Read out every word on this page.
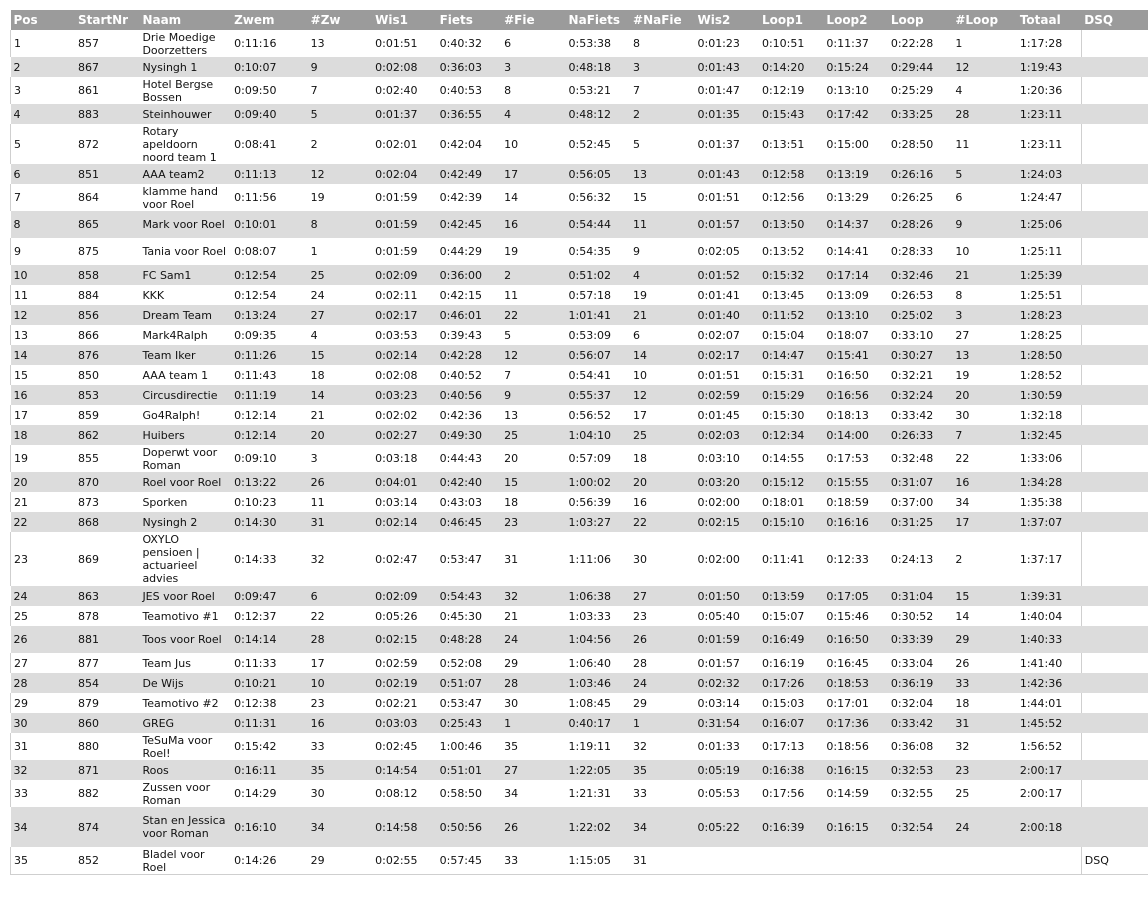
Pos	StartNr	Naam	Zwem	#Zw	Wis1	Fiets	#Fie	NaFiets	#NaFie	Wis2	Loop1	Loop2	Loop	#Loop	Totaal	DSQ
1	857	Drie Moedige Doorzetters	0:11:16	13	0:01:51	0:40:32	6	0:53:38	8	0:01:23	0:10:51	0:11:37	0:22:28	1	1:17:28	
2	867	Nysingh 1	0:10:07	9	0:02:08	0:36:03	3	0:48:18	3	0:01:43	0:14:20	0:15:24	0:29:44	12	1:19:43	
3	861	Hotel Bergse Bossen	0:09:50	7	0:02:40	0:40:53	8	0:53:21	7	0:01:47	0:12:19	0:13:10	0:25:29	4	1:20:36	
4	883	Steinhouwer	0:09:40	5	0:01:37	0:36:55	4	0:48:12	2	0:01:35	0:15:43	0:17:42	0:33:25	28	1:23:11	
5	872	Rotary apeldoorn noord team 1	0:08:41	2	0:02:01	0:42:04	10	0:52:45	5	0:01:37	0:13:51	0:15:00	0:28:50	11	1:23:11	
6	851	AAA team2	0:11:13	12	0:02:04	0:42:49	17	0:56:05	13	0:01:43	0:12:58	0:13:19	0:26:16	5	1:24:03	
7	864	klamme hand voor Roel	0:11:56	19	0:01:59	0:42:39	14	0:56:32	15	0:01:51	0:12:56	0:13:29	0:26:25	6	1:24:47	
8	865	Mark voor Roel	0:10:01	8	0:01:59	0:42:45	16	0:54:44	11	0:01:57	0:13:50	0:14:37	0:28:26	9	1:25:06	
9	875	Tania voor Roel	0:08:07	1	0:01:59	0:44:29	19	0:54:35	9	0:02:05	0:13:52	0:14:41	0:28:33	10	1:25:11	
10	858	FC Sam1	0:12:54	25	0:02:09	0:36:00	2	0:51:02	4	0:01:52	0:15:32	0:17:14	0:32:46	21	1:25:39	
11	884	KKK	0:12:54	24	0:02:11	0:42:15	11	0:57:18	19	0:01:41	0:13:45	0:13:09	0:26:53	8	1:25:51	
12	856	Dream Team	0:13:24	27	0:02:17	0:46:01	22	1:01:41	21	0:01:40	0:11:52	0:13:10	0:25:02	3	1:28:23	
13	866	Mark4Ralph	0:09:35	4	0:03:53	0:39:43	5	0:53:09	6	0:02:07	0:15:04	0:18:07	0:33:10	27	1:28:25	
14	876	Team Iker	0:11:26	15	0:02:14	0:42:28	12	0:56:07	14	0:02:17	0:14:47	0:15:41	0:30:27	13	1:28:50	
15	850	AAA team 1	0:11:43	18	0:02:08	0:40:52	7	0:54:41	10	0:01:51	0:15:31	0:16:50	0:32:21	19	1:28:52	
16	853	Circusdirectie	0:11:19	14	0:03:23	0:40:56	9	0:55:37	12	0:02:59	0:15:29	0:16:56	0:32:24	20	1:30:59	
17	859	Go4Ralph!	0:12:14	21	0:02:02	0:42:36	13	0:56:52	17	0:01:45	0:15:30	0:18:13	0:33:42	30	1:32:18	
18	862	Huibers	0:12:14	20	0:02:27	0:49:30	25	1:04:10	25	0:02:03	0:12:34	0:14:00	0:26:33	7	1:32:45	
19	855	Doperwt voor Roman	0:09:10	3	0:03:18	0:44:43	20	0:57:09	18	0:03:10	0:14:55	0:17:53	0:32:48	22	1:33:06	
20	870	Roel voor Roel	0:13:22	26	0:04:01	0:42:40	15	1:00:02	20	0:03:20	0:15:12	0:15:55	0:31:07	16	1:34:28	
21	873	Sporken	0:10:23	11	0:03:14	0:43:03	18	0:56:39	16	0:02:00	0:18:01	0:18:59	0:37:00	34	1:35:38	
22	868	Nysingh 2	0:14:30	31	0:02:14	0:46:45	23	1:03:27	22	0:02:15	0:15:10	0:16:16	0:31:25	17	1:37:07	
23	869	OXYLO pensioen | actuarieel advies	0:14:33	32	0:02:47	0:53:47	31	1:11:06	30	0:02:00	0:11:41	0:12:33	0:24:13	2	1:37:17	
24	863	JES voor Roel	0:09:47	6	0:02:09	0:54:43	32	1:06:38	27	0:01:50	0:13:59	0:17:05	0:31:04	15	1:39:31	
25	878	Teamotivo #1	0:12:37	22	0:05:26	0:45:30	21	1:03:33	23	0:05:40	0:15:07	0:15:46	0:30:52	14	1:40:04	
26	881	Toos voor Roel	0:14:14	28	0:02:15	0:48:28	24	1:04:56	26	0:01:59	0:16:49	0:16:50	0:33:39	29	1:40:33	
27	877	Team Jus	0:11:33	17	0:02:59	0:52:08	29	1:06:40	28	0:01:57	0:16:19	0:16:45	0:33:04	26	1:41:40	
28	854	De Wijs	0:10:21	10	0:02:19	0:51:07	28	1:03:46	24	0:02:32	0:17:26	0:18:53	0:36:19	33	1:42:36	
29	879	Teamotivo #2	0:12:38	23	0:02:21	0:53:47	30	1:08:45	29	0:03:14	0:15:03	0:17:01	0:32:04	18	1:44:01	
30	860	GREG	0:11:31	16	0:03:03	0:25:43	1	0:40:17	1	0:31:54	0:16:07	0:17:36	0:33:42	31	1:45:52	
31	880	TeSuMa voor Roel!	0:15:42	33	0:02:45	1:00:46	35	1:19:11	32	0:01:33	0:17:13	0:18:56	0:36:08	32	1:56:52	
32	871	Roos	0:16:11	35	0:14:54	0:51:01	27	1:22:05	35	0:05:19	0:16:38	0:16:15	0:32:53	23	2:00:17	
33	882	Zussen voor Roman	0:14:29	30	0:08:12	0:58:50	34	1:21:31	33	0:05:53	0:17:56	0:14:59	0:32:55	25	2:00:17	
34	874	Stan en Jessica voor Roman	0:16:10	34	0:14:58	0:50:56	26	1:22:02	34	0:05:22	0:16:39	0:16:15	0:32:54	24	2:00:18	
35	852	Bladel voor Roel	0:14:26	29	0:02:55	0:57:45	33	1:15:05	31							DSQ
